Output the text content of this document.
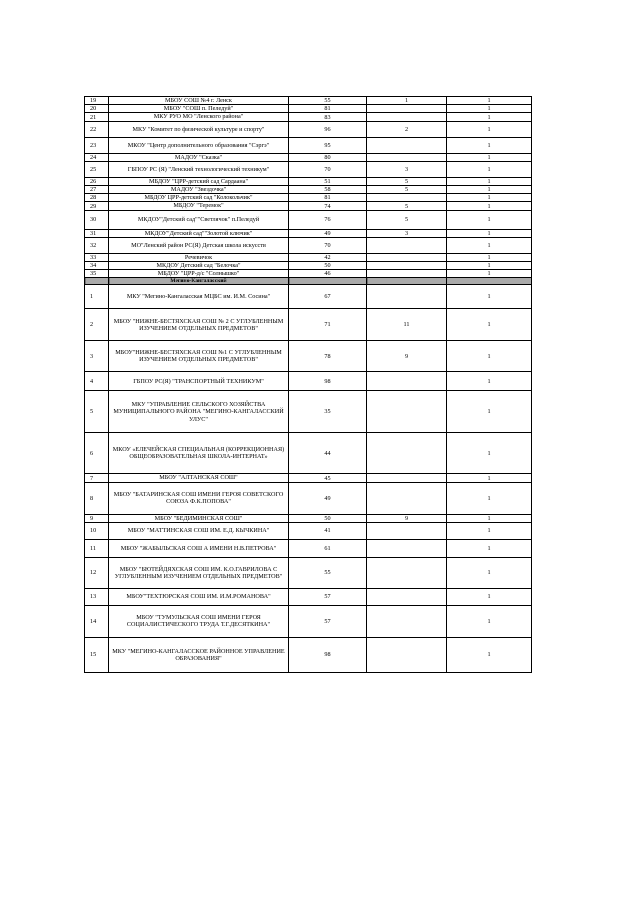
19	МБОУ СОШ №4 г. Ленск	55	1	1
20	МБОУ "СОШ п. Пеледуй"	81		1
21	МКУ РУО МО "Ленского района"	83		1
22	МКУ "Комитет по физической культуре и спорту"	96	2	1
23	МКОУ "Центр дополнительного образования "Сэргэ"	95		1
24	МАДОУ "Сказка"	80		1
25	ГБПОУ РС (Я) "Ленский технологический техникум"	70	3	1
26	МБДОУ "ЦРР-детский сад Сардаана"	51	5	1
27	МАДОУ "Звездочка"	58	5	1
28	МБДОУ ЦРР-детский сад "Колокольчик"	81		1
29	МБДОУ "Теремок"	74	5	1
30	МКДОУ"Детский сад""Светлячок" п.Пеледуй	76	5	1
31	МКДОУ"Детский сад""Золотой ключик"	49	3	1
32	МО"Ленский район РС(Я) Детская школа искусств	70		1
33	Речевичок	42		1
34	МКДОУ Детский сад "Белочка"	50		1
35	МБДОУ "ЦРР-д/с "Солнышко"	46		1
	Мегино-Кангаласский			
1	МКУ "Мегино-Кангаласская МЦБС им. И.М. Сосина"	67		1
2	МБОУ "НИЖНЕ-БЕСТЯХСКАЯ СОШ № 2 С УГЛУБЛЕННЫМ ИЗУЧЕНИЕМ ОТДЕЛЬНЫХ ПРЕДМЕТОВ"	71	11	1
3	МБОУ"НИЖНЕ-БЕСТЯХСКАЯ СОШ №1 С УГЛУБЛЕННЫМ ИЗУЧЕНИЕМ ОТДЕЛЬНЫХ ПРЕДМЕТОВ"	78	9	1
4	ГБПОУ РС(Я) "ТРАНСПОРТНЫЙ ТЕХНИКУМ"	98		1
5	МКУ "УПРАВЛЕНИЕ СЕЛЬСКОГО ХОЗЯЙСТВА МУНИЦИПАЛЬНОГО РАЙОНА "МЕГИНО-КАНГАЛАССКИЙ УЛУС"	35		1
6	МКОУ «ЕЛЕЧЕЙСКАЯ СПЕЦИАЛЬНАЯ (КОРРЕКЦИОННАЯ) ОБЩЕОБРАЗОВАТЕЛЬНАЯ ШКОЛА-ИНТЕРНАТ»	44		1
7	МБОУ "АЛТАНСКАЯ СОШ"	45		1
8	МБОУ "БАТАРИНСКАЯ СОШ ИМЕНИ ГЕРОЯ СОВЕТСКОГО СОЮЗА Ф.К.ПОПОВА"	49		1
9	МБОУ "БЕДИМИНСКАЯ СОШ"	50	9	1
10	МБОУ "МАТТИНСКАЯ СОШ ИМ. Е.Д. КЫЧКИНА"	41		1
11	МБОУ "ЖАБЫЛЬСКАЯ СОШ А ИМЕНИ Н.В.ПЕТРОВА"	61		1
12	МБОУ "БЮТЕЙДЯХСКАЯ СОШ ИМ. К.О.ГАВРИЛОВА С УГЛУБЛЕННЫМ ИЗУЧЕНИЕМ ОТДЕЛЬНЫХ ПРЕДМЕТОВ"	55		1
13	МБОУ"ТЕХТЮРСКАЯ СОШ ИМ. И.М.РОМАНОВА"	57		1
14	МБОУ "ТУМУЛЬСКАЯ СОШ ИМЕНИ ГЕРОЯ СОЦИАЛИСТИЧЕСКОГО ТРУДА Т.Г.ДЕСЯТКИНА"	57		1
15	МКУ "МЕГИНО-КАНГАЛАССКОЕ РАЙОННОЕ УПРАВЛЕНИЕ ОБРАЗОВАНИЯ"	98		1
